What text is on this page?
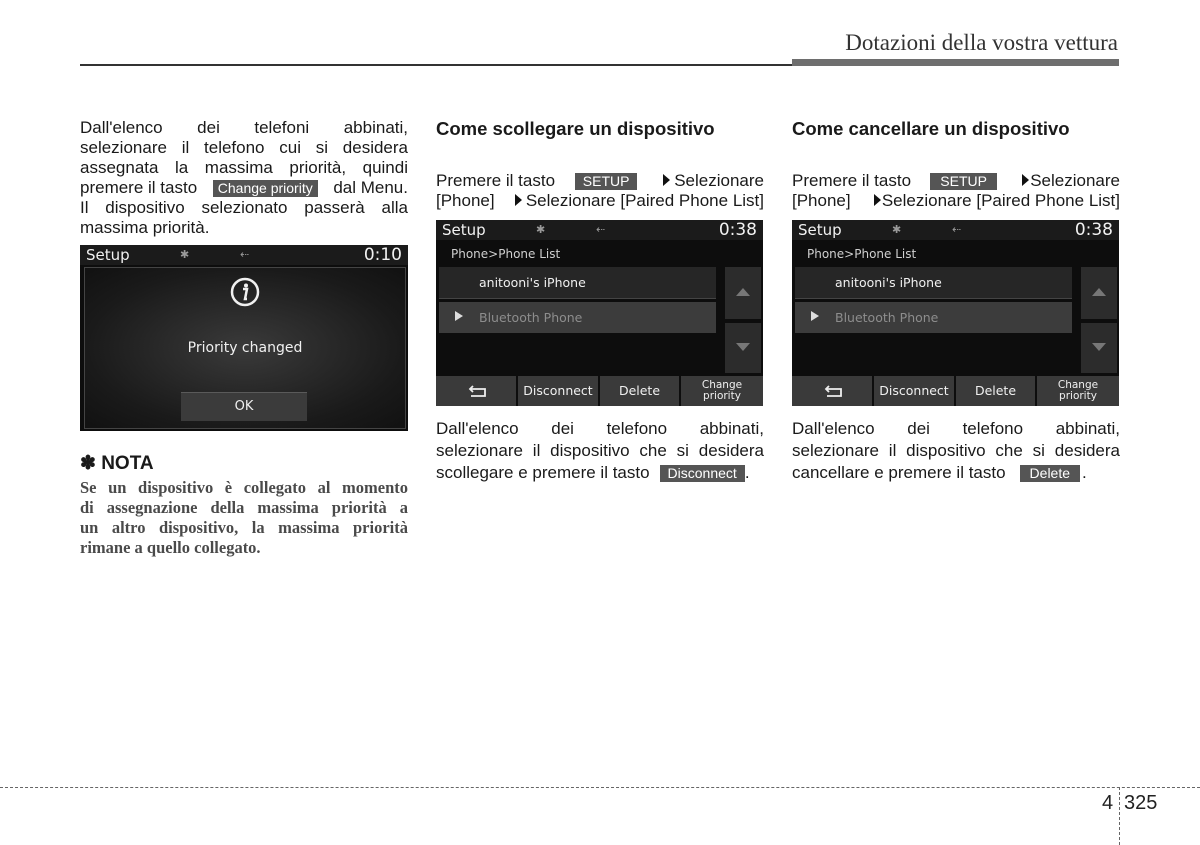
Dotazioni della vostra vettura
Dall'elenco dei telefoni abbinati,
selezionare il telefono cui si desidera
assegnata la massima priorità, quindi
premere il tasto	Change priority dal Menu.
Il dispositivo selezionato passerà alla
massima priorità.
Setup	✱	⇠	0:10
Priority changed
OK
✽ NOTA
Se un dispositivo è collegato al momento
di assegnazione della massima priorità a
un altro dispositivo, la massima priorità
rimane a quello collegato.
Come scollegare un dispositivo
Premere il tasto	SETUP	Selezionare
[Phone]	Selezionare [Paired Phone List]
Setup	✱	⇠	0:38
Phone>Phone List
anitooni's iPhone
Bluetooth Phone
Disconnect	Delete	Change
priority
Dall'elenco dei telefono abbinati,
selezionare il dispositivo che si desidera
scollegare e premere il tasto	Disconnect .
Come cancellare un dispositivo
Premere il tasto	SETUP	Selezionare
[Phone]	Selezionare [Paired Phone List]
Setup	✱	⇠	0:38
Phone>Phone List
anitooni's iPhone
Bluetooth Phone
Disconnect	Delete	Change
priority
Dall'elenco dei telefono abbinati,
selezionare il dispositivo che si desidera
cancellare e premere il tasto	Delete .
4 325
